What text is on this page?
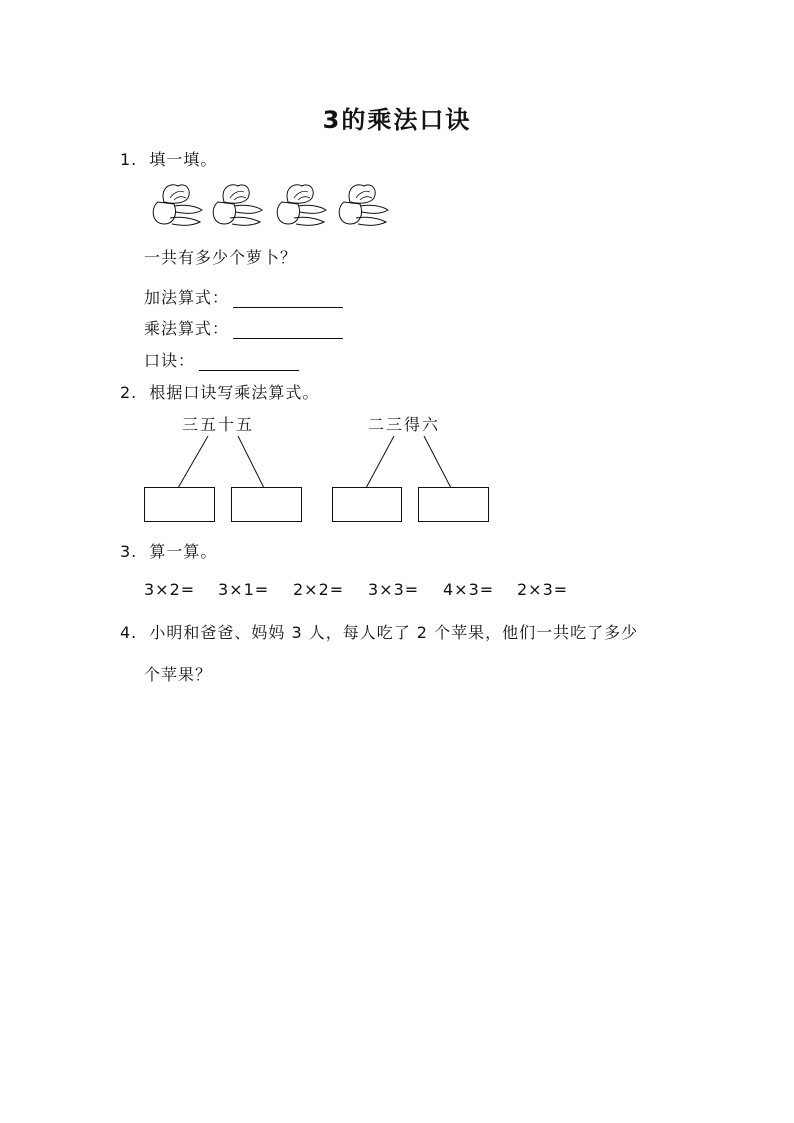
3的乘法口诀
1. 填一填。
一共有多少个萝卜？
加法算式：
乘法算式：
口诀：
2. 根据口诀写乘法算式。
三五十五	二三得六
3. 算一算。
3×2= 3×1= 2×2= 3×3= 4×3= 2×3=
4. 小明和爸爸、妈妈 3 人，每人吃了 2 个苹果，他们一共吃了多少
个苹果？
